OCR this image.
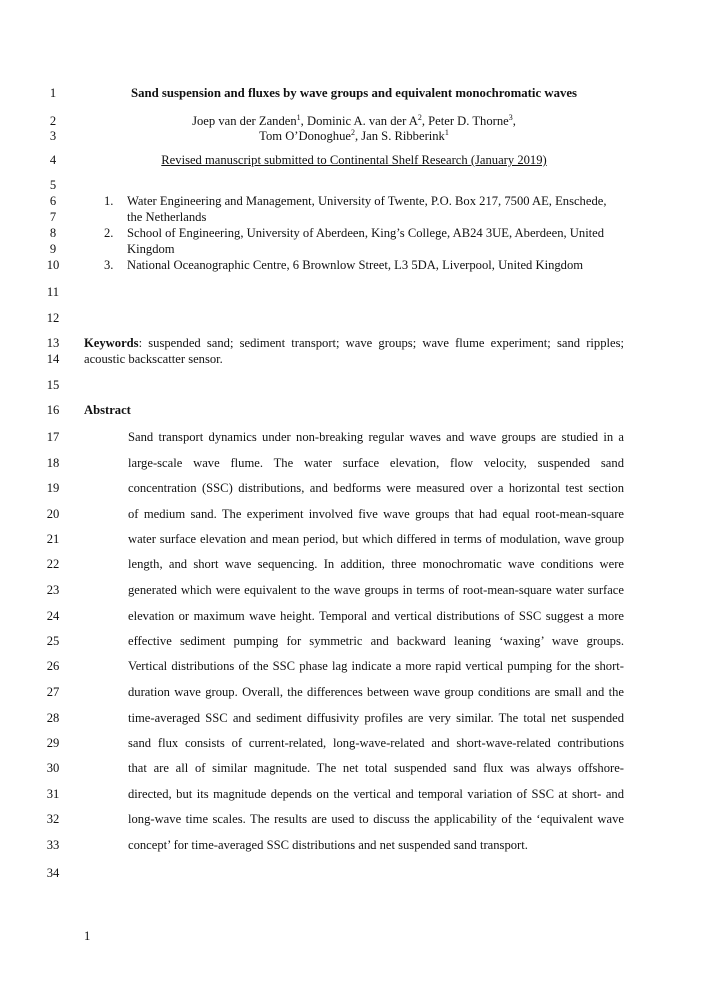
1
2
3
4
5
6
7
8
9
10
11
12
13
14
15
16
17
18
19
20
21
22
23
24
25
26
27
28
29
30
31
32
33
34
Sand suspension and fluxes by wave groups and equivalent monochromatic waves
Joep van der Zanden$^1$, Dominic A. van der $A^2$, Peter D. Thorne$^3$,
Tom O’Donoghue$^2$, Jan S. Ribberink$^1$
Revised manuscript submitted to Continental Shelf Research (January 2019)
1. Water Engineering and Management, University of Twente, P.O. Box 217, 7500 AE, Enschede,
the Netherlands
2. School of Engineering, University of Aberdeen, King’s College, AB24 3UE, Aberdeen, United
Kingdom
3. National Oceanographic Centre, 6 Brownlow Street, L3 5DA, Liverpool, United Kingdom
Keywords: suspended sand; sediment transport; wave groups; wave flume experiment; sand ripples;
acoustic backscatter sensor.
Abstract
Sand transport dynamics under non-breaking regular waves and wave groups are studied in a
large-scale wave flume. The water surface elevation, flow velocity, suspended sand
concentration (SSC) distributions, and bedforms were measured over a horizontal test section
of medium sand. The experiment involved five wave groups that had equal root-mean-square
water surface elevation and mean period, but which differed in terms of modulation, wave group
length, and short wave sequencing. In addition, three monochromatic wave conditions were
generated which were equivalent to the wave groups in terms of root-mean-square water surface
elevation or maximum wave height. Temporal and vertical distributions of SSC suggest a more
effective sediment pumping for symmetric and backward leaning ‘waxing’ wave groups.
Vertical distributions of the SSC phase lag indicate a more rapid vertical pumping for the short-
duration wave group. Overall, the differences between wave group conditions are small and the
time-averaged SSC and sediment diffusivity profiles are very similar. The total net suspended
sand flux consists of current-related, long-wave-related and short-wave-related contributions
that are all of similar magnitude. The net total suspended sand flux was always offshore-
directed, but its magnitude depends on the vertical and temporal variation of SSC at short- and
long-wave time scales. The results are used to discuss the applicability of the ‘equivalent wave
concept’ for time-averaged SSC distributions and net suspended sand transport.
1
